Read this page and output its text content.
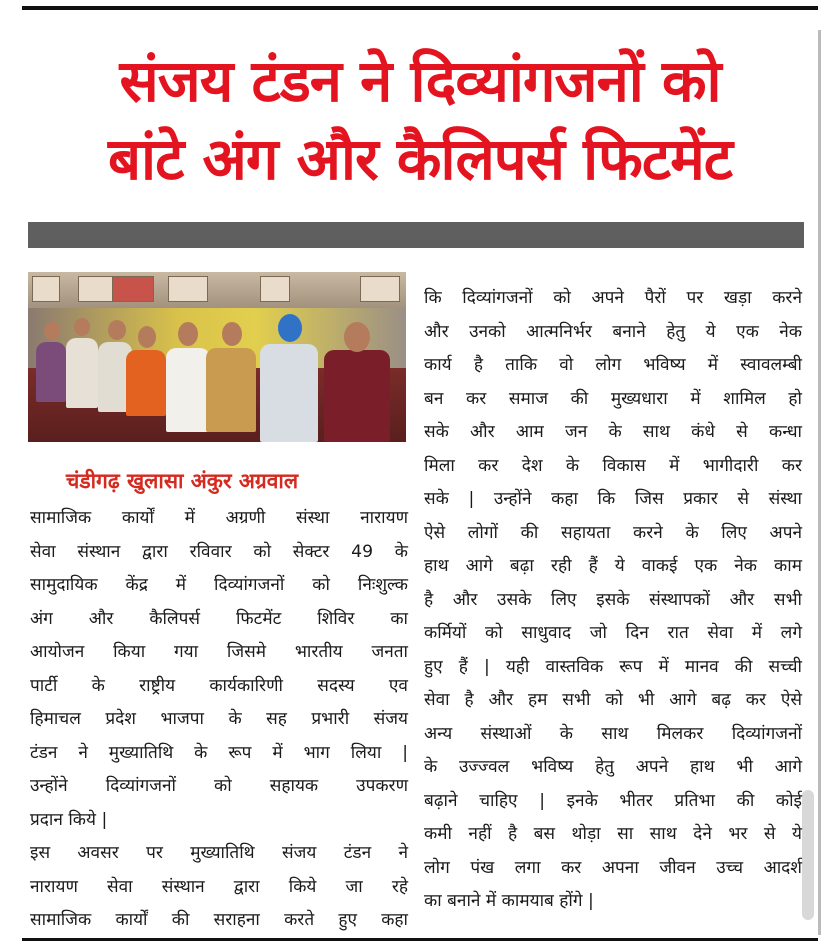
संजय टंडन ने दिव्यांगजनों को
बांटे अंग और कैलिपर्स फिटमेंट
चंडीगढ़ खुलासा अंकुर अग्रवाल
सामाजिक कार्यों में अग्रणी संस्था नारायण
सेवा संस्थान द्वारा रविवार को सेक्टर 49 के
सामुदायिक केंद्र में दिव्यांगजनों को निःशुल्क
अंग और कैलिपर्स फिटमेंट शिविर का
आयोजन किया गया जिसमे भारतीय जनता
पार्टी के राष्ट्रीय कार्यकारिणी सदस्य एव
हिमाचल प्रदेश भाजपा के सह प्रभारी संजय
टंडन ने मुख्यातिथि के रूप में भाग लिया |
उन्होंने दिव्यांगजनों को सहायक उपकरण
प्रदान किये |
इस अवसर पर मुख्यातिथि संजय टंडन ने
नारायण सेवा संस्थान द्वारा किये जा रहे
सामाजिक कार्यों की सराहना करते हुए कहा
कि दिव्यांगजनों को अपने पैरों पर खड़ा करने
और उनको आत्मनिर्भर बनाने हेतु ये एक नेक
कार्य है ताकि वो लोग भविष्य में स्वावलम्बी
बन कर समाज की मुख्यधारा में शामिल हो
सके और आम जन के साथ कंधे से कन्धा
मिला कर देश के विकास में भागीदारी कर
सके | उन्होंने कहा कि जिस प्रकार से संस्था
ऐसे लोगों की सहायता करने के लिए अपने
हाथ आगे बढ़ा रही हैं ये वाकई एक नेक काम
है और उसके लिए इसके संस्थापकों और सभी
कर्मियों को साधुवाद जो दिन रात सेवा में लगे
हुए हैं | यही वास्तविक रूप में मानव की सच्ची
सेवा है और हम सभी को भी आगे बढ़ कर ऐसे
अन्य संस्थाओं के साथ मिलकर दिव्यांगजनों
के उज्ज्वल भविष्य हेतु अपने हाथ भी आगे
बढ़ाने चाहिए | इनके भीतर प्रतिभा की कोई
कमी नहीं है बस थोड़ा सा साथ देने भर से ये
लोग पंख लगा कर अपना जीवन उच्च आदर्श
का बनाने में कामयाब होंगे |
